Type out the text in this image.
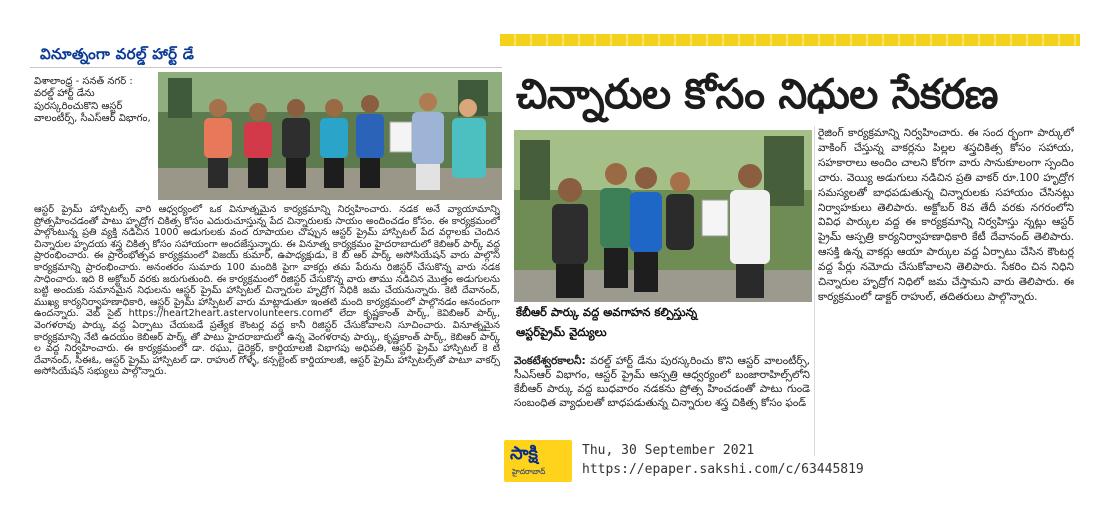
వినూత్నంగా వరల్డ్ హార్ట్ డే
విశాలాంధ్ర - సనత్ నగర్ : వరల్డ్ హార్ట్ డేను పురస్కరించుకొని ఆస్టర్ వాలంటీర్స్, సీఎస్ఆర్ విభాగం,
ఆస్టర్ ప్రైమ్ హాస్పిటల్స్ వారి ఆధ్వర్యంలో ఒక వినూత్నమైన కార్యక్రమాన్ని నిర్వహించారు. నడక అనే వ్యాయామాన్ని ప్రోత్సహించడంతో పాటు హృద్రోగ చికిత్స కోసం ఎదురుచూస్తున్న పేద చిన్నారులకు సాయం అందించడం కోసం. ఈ కార్యక్రమంలో పాల్గొంటున్న ప్రతి వ్యక్తి నడిచిన 1000 అడుగులకు వంద రూపాయల చొప్పున ఆస్టర్ ప్రైమ్ హాస్పిటల్ పేద వర్గాలకు చెందిన చిన్నారుల హృదయ శస్త్ర చికిత్స కోసం సహాయంగా అందజేస్తున్నారు. ఈ వినూత్న కార్యక్రమం హైదరాబాదులో కెబిఆర్ పార్క్ వద్ద ప్రారంభించారు. ఈ ప్రారంభోత్సవ కార్యక్రమంలో విజయ్ కుమార్, ఉపాధ్యక్షుడు, కె బీ ఆర్ పార్క్ అసోసియేషన్ వారు పాల్గొని కార్యక్రమాన్ని ప్రారంభించారు. అనంతరం సుమారు 100 మందికి పైగా వాకర్లు తమ పేరును రిజిస్టర్ చేసుకొన్న వారు నడక సాధించారు. ఇది 8 అక్టోబర్ వరకు జరుగుతుంది. ఈ కార్యక్రమంలో రిజిస్టర్ చేసుకొన్న వారు తాము నడిచిన మొత్తం అడుగులను బట్టి అందుకు సమానమైన నిధులను ఆస్టర్ ప్రైమ్ హాస్పిటల్ చిన్నారుల హృద్రోగ నిధికి జమ చేయనున్నారు. కెటి దేవానంద్, ముఖ్య కార్యనిర్వాహణాధికారి, ఆస్టర్ ప్రైమ్ హాస్పిటల్ వారు మాట్లాడుతూ ఇంతటి మంది కార్యక్రమంలో పాల్గొనడం ఆనందంగా ఉందన్నారు. వెబ్ సైట్ https://heart2heart.astervolunteers.comలో లేదా కృష్ణకాంత్ పార్క్, కెవిబిఆర్ పార్క్, వెంగళరావు పార్కు వద్ద ఏర్పాటు చేయబడే ప్రత్యేక కౌంటర్ల వద్ద కానీ రిజిస్టర్ చేసుకోవాలని సూచించారు. వినూత్నమైన కార్యక్రమాన్ని నేటి ఉదయం కెబిఆర్ పార్క్ తో పాటు హైదరాబాదులో ఉన్న వెంగళరావు పార్కు, కృష్ణకాంత్ పార్క్, కెబిఆర్ పార్క్ ల వద్ద నిర్వహించారు. ఈ కార్యక్రమంలో డా. రఘు, డైరెక్టర్, కార్డియాలజీ విభాగపు అధిపతి, ఆస్టర్ ప్రైమ్ హాస్పిటల్ కె టి దేవానంద్, సీఈఓ, ఆస్టర్ ప్రైమ్ హాస్పిటల్ డా. రాహుల్ గోళ్ళే, కన్సల్టెంట్ కార్డియాలజీ, ఆస్టర్ ప్రైమ్ హాస్పిటల్స్‌తో పాటూ వాకర్స్ అసోసియేషన్ సభ్యులు పాల్గొన్నారు.
చిన్నారుల కోసం నిధుల సేకరణ
కేబీఆర్ పార్కు వద్ద అవగాహన కల్పిస్తున్న
ఆస్టర్‌ప్రైమ్ వైద్యులు
వెంకటేశ్వరకాలనీ: వరల్డ్ హార్ట్ డేను పురస్కరించు కొని ఆస్టర్ వాలంటీర్స్, సీఎస్ఆర్ విభాగం, ఆస్టర్ ప్రైమ్ ఆస్పత్రి ఆధ్వర్యంలో బంజారాహిల్స్‌లోని కేబీఆర్ పార్కు వద్ద బుధవారం నడకను ప్రోత్స హించడంతో పాటు గుండె సంబంధిత వ్యాధులతో బాధపడుతున్న చిన్నారుల శస్త్ర చికిత్స కోసం ఫండ్
రైజింగ్ కార్యక్రమాన్ని నిర్వహించారు. ఈ సంద ర్భంగా పార్కులో వాకింగ్ చేస్తున్న వాకర్లను పిల్లల శస్త్రచికిత్స కోసం సహాయ, సహకారాలు అందిం చాలని కోరగా వారు సానుకూలంగా స్పందిం చారు. వెయ్యి అడుగులు నడిచిన ప్రతి వాకర్ రూ.100 హృద్రోగ సమస్యలతో బాధపడుతున్న చిన్నారులకు సహాయం చేసినట్లు నిర్వాహకులు తెలిపారు. అక్టోబర్ 8వ తేదీ వరకు నగరంలోని వివిధ పార్కుల వద్ద ఈ కార్యక్రమాన్ని నిర్వహిస్తు న్నట్లు ఆస్టర్ ప్రైమ్ ఆస్పత్రి కార్యనిర్వాహణాధికారి కేటీ దేవానంద్ తెలిపారు. ఆసక్తి ఉన్న వాకర్లు ఆయా పార్కుల వద్ద ఏర్పాటు చేసిన కౌంటర్ల వద్ద పేర్లు నమోదు చేసుకోవాలని తెలిపారు. సేకరిం చిన నిధిని చిన్నారుల హృద్రోగ నిధిలో జమ చేస్తామని వారు తెలిపారు. ఈ కార్యక్రమంలో డాక్టర్ రాహుల్, తదితరులు పాల్గొన్నారు.
సాక్షి
హైదరాబాద్
Thu, 30 September 2021
https://epaper.sakshi.com/c/63445819
